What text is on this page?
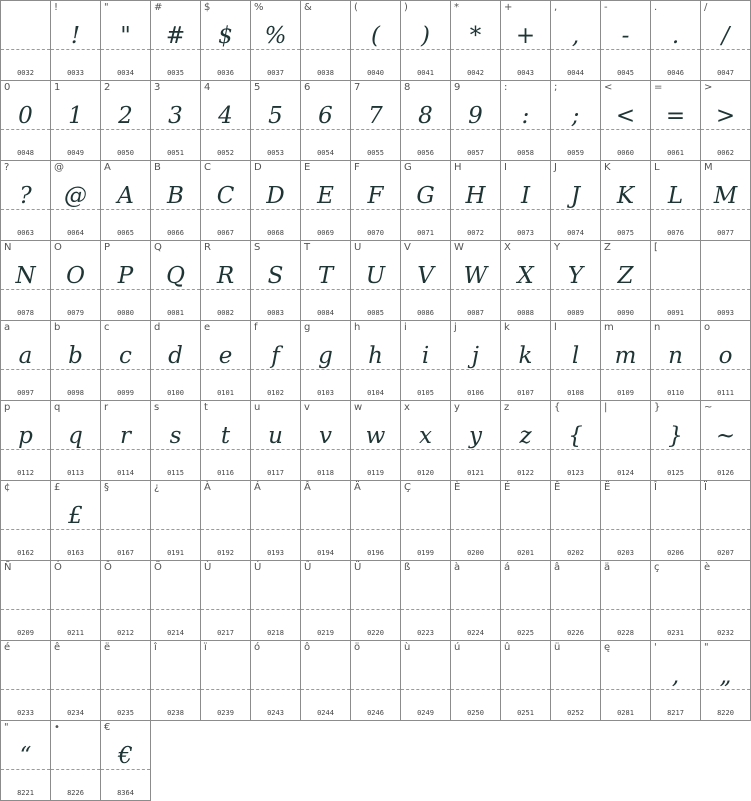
0032
!
!
0033
"
"
0034
#
#
0035
$
$
0036
%
%
0037
&
0038
(
(
0040
)
)
0041
*
*
0042
+
+
0043
,
,
0044
-
-
0045
.
.
0046
/
/
0047
0
0
0048
1
1
0049
2
2
0050
3
3
0051
4
4
0052
5
5
0053
6
6
0054
7
7
0055
8
8
0056
9
9
0057
:
:
0058
;
;
0059
<
<
0060
=
=
0061
>
>
0062
?
?
0063
@
@
0064
A
A
0065
B
B
0066
C
C
0067
D
D
0068
E
E
0069
F
F
0070
G
G
0071
H
H
0072
I
I
0073
J
J
0074
K
K
0075
L
L
0076
M
M
0077
N
N
0078
O
O
0079
P
P
0080
Q
Q
0081
R
R
0082
S
S
0083
T
T
0084
U
U
0085
V
V
0086
W
W
0087
X
X
0088
Y
Y
0089
Z
Z
0090
[
0091	0093
a
a
0097
b
b
0098
c
c
0099
d
d
0100
e
e
0101
f
f
0102
g
g
0103
h
h
0104
i
i
0105
j
j
0106
k
k
0107
l
l
0108
m
m
0109
n
n
0110
o
o
0111
p
p
0112
q
q
0113
r
r
0114
s
s
0115
t
t
0116
u
u
0117
v
v
0118
w
w
0119
x
x
0120
y
y
0121
z
z
0122
{
{
0123
|
0124
}
}
0125
~
~
0126
¢
0162
£
£
0163
§
0167
¿
0191
À
0192
Á
0193
Â
0194
Ä
0196
Ç
0199
È
0200
É
0201
Ê
0202
Ë
0203
Î
0206
Ï
0207
Ñ
0209
Ó
0211
Ô
0212
Ö
0214
Ù
0217
Ú
0218
Û
0219
Ü
0220
ß
0223
à
0224
á
0225
â
0226
ä
0228
ç
0231
è
0232
é
0233
ê
0234
ë
0235
î
0238
ï
0239
ó
0243
ô
0244
ö
0246
ù
0249
ú
0250
û
0251
ü
0252
ę
0281
'
,
8217
"
„
8220
"
“
8221
•
8226
€
€
8364
